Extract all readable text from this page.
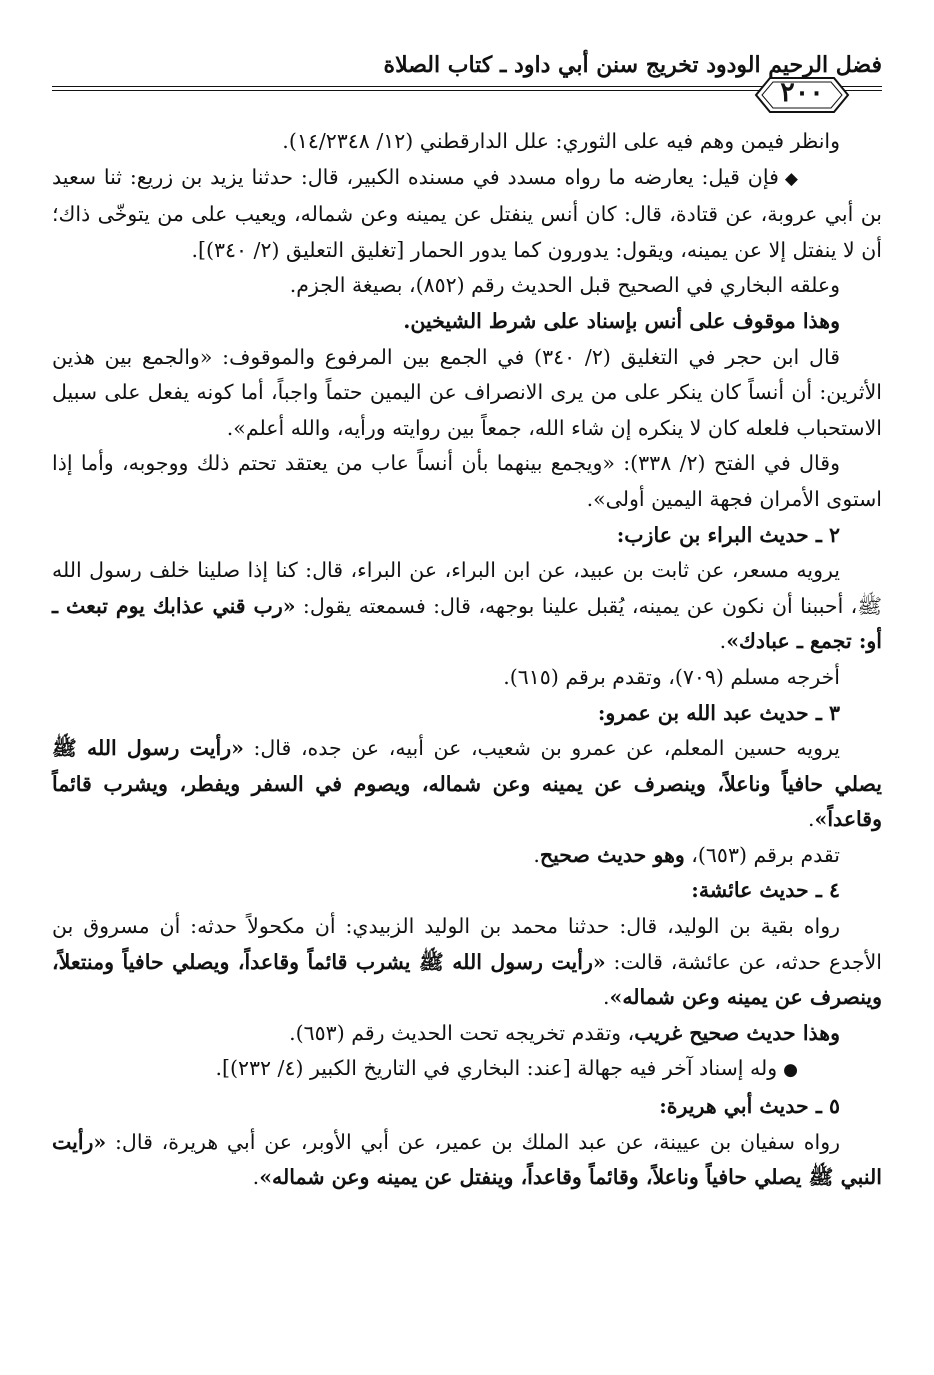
فضل الرحيم الودود تخريج سنن أبي داود ـ كتاب الصلاة
٢٠٠

وانظر فيمن وهم فيه على الثوري: علل الدارقطني (١٢/ ١٤/٢٣٤٨).

◆فإن قيل: يعارضه ما رواه مسدد في مسنده الكبير، قال: حدثنا يزيد بن زريع: ثنا سعيد بن أبي عروبة، عن قتادة، قال: كان أنس ينفتل عن يمينه وعن شماله، ويعيب على من يتوخّى ذاك؛ أن لا ينفتل إلا عن يمينه، ويقول: يدورون كما يدور الحمار [تغليق التعليق (٢/ ٣٤٠)].

وعلقه البخاري في الصحيح قبل الحديث رقم (٨٥٢)، بصيغة الجزم.

وهذا موقوف على أنس بإسناد على شرط الشيخين.

قال ابن حجر في التغليق (٢/ ٣٤٠) في الجمع بين المرفوع والموقوف: «والجمع بين هذين الأثرين: أن أنساً كان ينكر على من يرى الانصراف عن اليمين حتماً واجباً، أما كونه يفعل على سبيل الاستحباب فلعله كان لا ينكره إن شاء الله، جمعاً بين روايته ورأيه، والله أعلم».

وقال في الفتح (٢/ ٣٣٨): «ويجمع بينهما بأن أنساً عاب من يعتقد تحتم ذلك ووجوبه، وأما إذا استوى الأمران فجهة اليمين أولى».

٢ ـ حديث البراء بن عازب:

يرويه مسعر، عن ثابت بن عبيد، عن ابن البراء، عن البراء، قال: كنا إذا صلينا خلف رسول الله ﷺ، أحببنا أن نكون عن يمينه، يُقبل علينا بوجهه، قال: فسمعته يقول: «رب قني عذابك يوم تبعث ـ أو: تجمع ـ عبادك».

أخرجه مسلم (٧٠٩)، وتقدم برقم (٦١٥).

٣ ـ حديث عبد الله بن عمرو:

يرويه حسين المعلم، عن عمرو بن شعيب، عن أبيه، عن جده، قال: «رأيت رسول الله ﷺ يصلي حافياً وناعلاً، وينصرف عن يمينه وعن شماله، ويصوم في السفر ويفطر، ويشرب قائماً وقاعداً».

تقدم برقم (٦٥٣)، وهو حديث صحيح.

٤ ـ حديث عائشة:

رواه بقية بن الوليد، قال: حدثنا محمد بن الوليد الزبيدي: أن مكحولاً حدثه: أن مسروق بن الأجدع حدثه، عن عائشة، قالت: «رأيت رسول الله ﷺ يشرب قائماً وقاعداً، ويصلي حافياً ومنتعلاً، وينصرف عن يمينه وعن شماله».

وهذا حديث صحيح غريب، وتقدم تخريجه تحت الحديث رقم (٦٥٣).

●وله إسناد آخر فيه جهالة [عند: البخاري في التاريخ الكبير (٤/ ٢٣٢)].

٥ ـ حديث أبي هريرة:

رواه سفيان بن عيينة، عن عبد الملك بن عمير، عن أبي الأوبر، عن أبي هريرة، قال: «رأيت النبي ﷺ يصلي حافياً وناعلاً، وقائماً وقاعداً، وينفتل عن يمينه وعن شماله».
